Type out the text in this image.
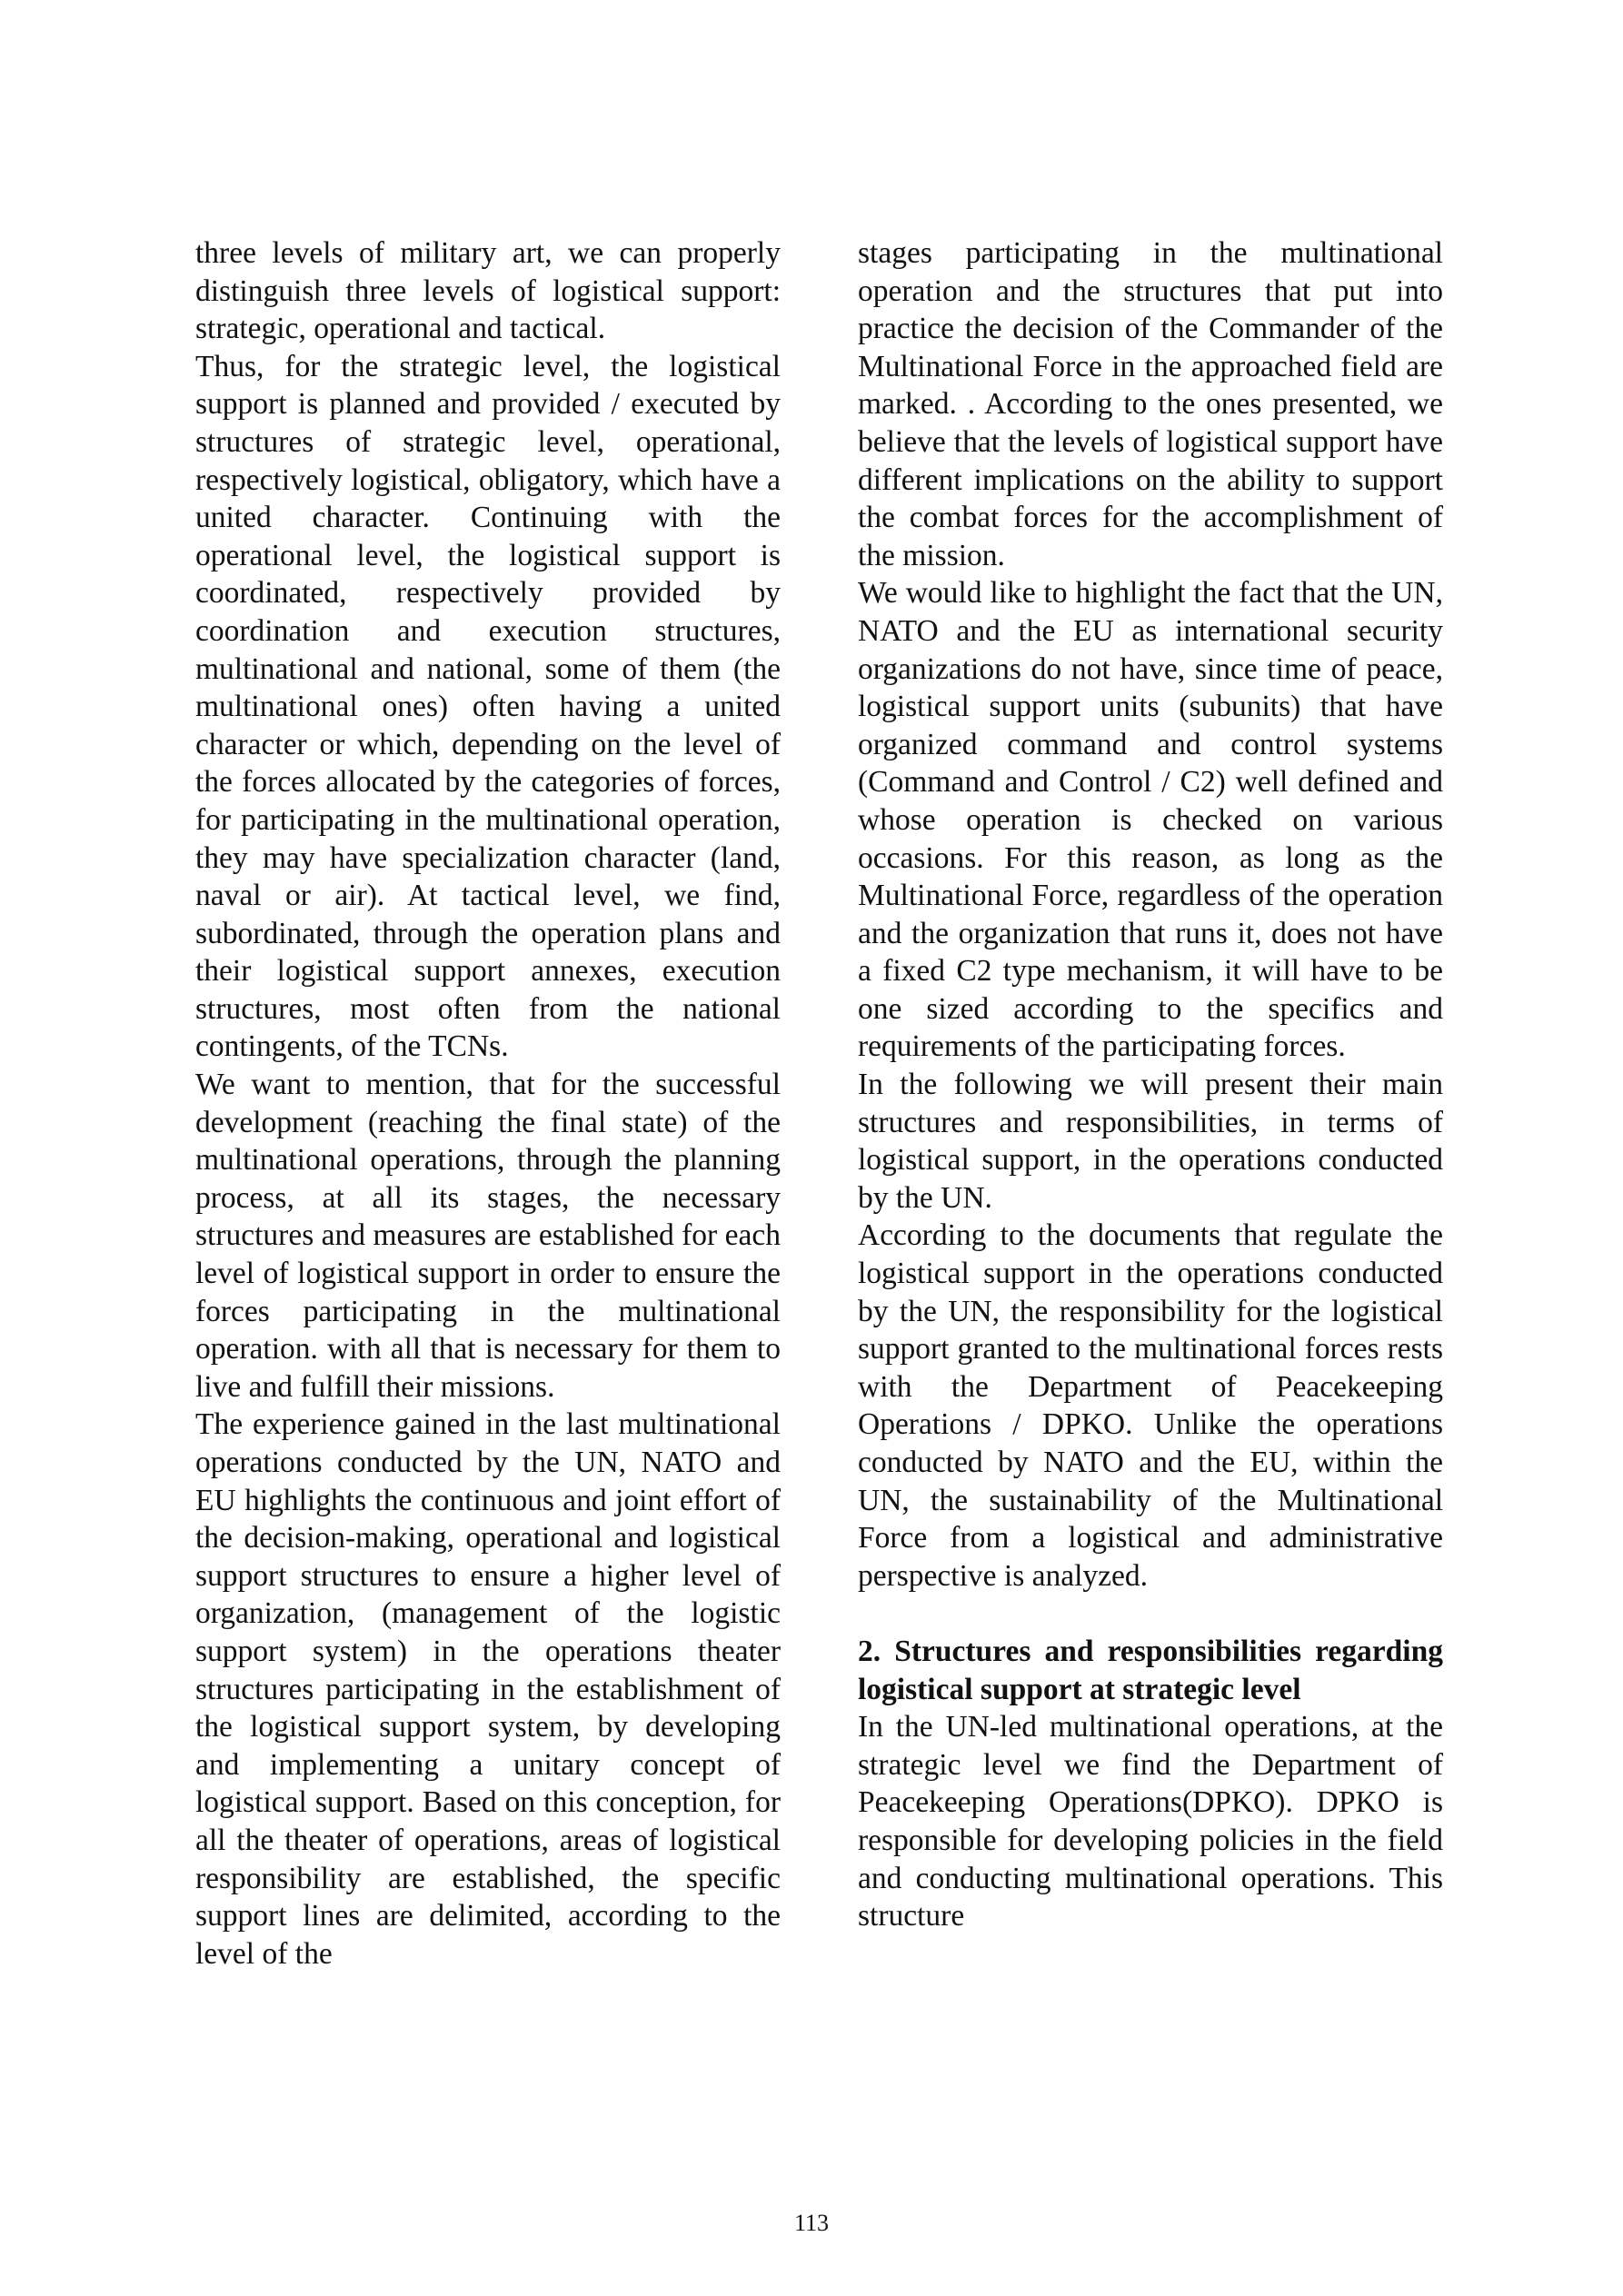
three levels of military art, we can properly distinguish three levels of logistical support: strategic, operational and tactical.

Thus, for the strategic level, the logistical support is planned and provided / executed by structures of strategic level, operational, respectively logistical, obligatory, which have a united character. Continuing with the operational level, the logistical support is coordinated, respectively provided by coordination and execution structures, multinational and national, some of them (the multinational ones) often having a united character or which, depending on the level of the forces allocated by the categories of forces, for participating in the multinational operation, they may have specialization character (land, naval or air). At tactical level, we find, subordinated, through the operation plans and their logistical support annexes, execution structures, most often from the national contingents, of the TCNs.

We want to mention, that for the successful development (reaching the final state) of the multinational operations, through the planning process, at all its stages, the necessary structures and measures are established for each level of logistical support in order to ensure the forces participating in the multinational operation. with all that is necessary for them to live and fulfill their missions.

The experience gained in the last multinational operations conducted by the UN, NATO and EU highlights the continuous and joint effort of the decision-making, operational and logistical support structures to ensure a higher level of organization, (management of the logistic support system) in the operations theater structures participating in the establishment of the logistical support system, by developing and implementing a unitary concept of logistical support. Based on this conception, for all the theater of operations, areas of logistical responsibility are established, the specific support lines are delimited, according to the level of the

stages participating in the multinational operation and the structures that put into practice the decision of the Commander of the Multinational Force in the approached field are marked. . According to the ones presented, we believe that the levels of logistical support have different implications on the ability to support the combat forces for the accomplishment of the mission.

We would like to highlight the fact that the UN, NATO and the EU as international security organizations do not have, since time of peace, logistical support units (subunits) that have organized command and control systems (Command and Control / C2) well defined and whose operation is checked on various occasions. For this reason, as long as the Multinational Force, regardless of the operation and the organization that runs it, does not have a fixed C2 type mechanism, it will have to be one sized according to the specifics and requirements of the participating forces.

In the following we will present their main structures and responsibilities, in terms of logistical support, in the operations conducted by the UN.

According to the documents that regulate the logistical support in the operations conducted by the UN, the responsibility for the logistical support granted to the multinational forces rests with the Department of Peacekeeping Operations / DPKO. Unlike the operations conducted by NATO and the EU, within the UN, the sustainability of the Multinational Force from a logistical and administrative perspective is analyzed.

2. Structures and responsibilities regarding logistical support at strategic level

In the UN-led multinational operations, at the strategic level we find the Department of Peacekeeping Operations(DPKO). DPKO is responsible for developing policies in the field and conducting multinational operations. This structure

113
